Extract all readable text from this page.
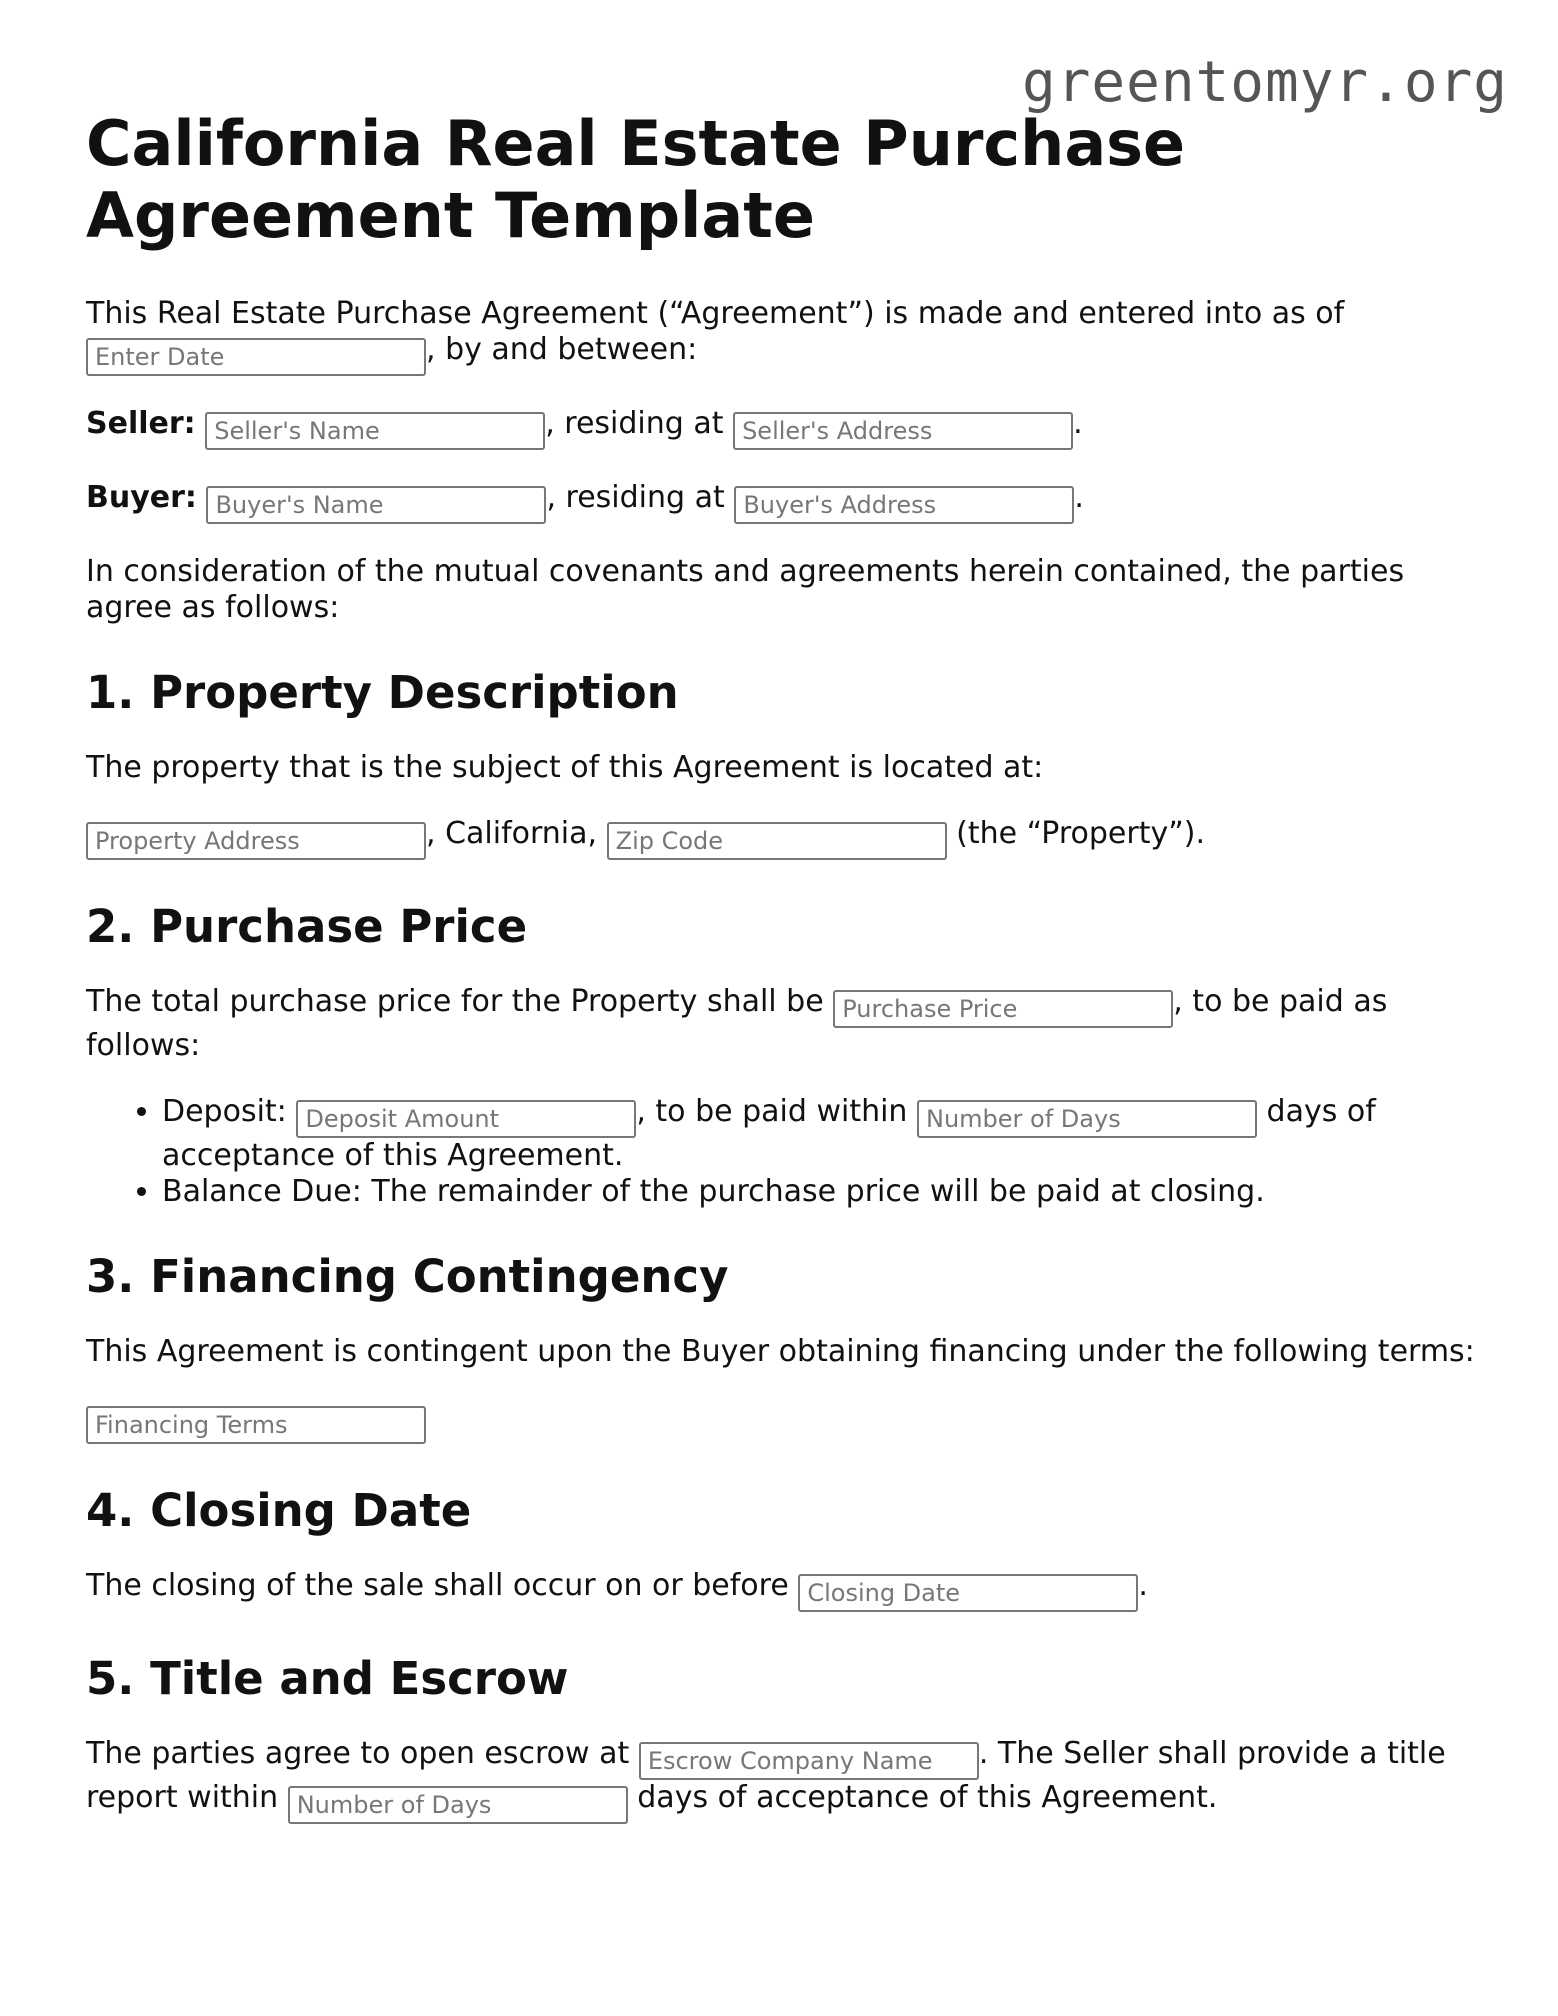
greentomyr.org
California Real Estate Purchase Agreement Template

This Real Estate Purchase Agreement (“Agreement”) is made and entered into as of Enter Date, by and between:

Seller: Seller's Name	, residing at Seller's Address	.

Buyer: Buyer's Name	, residing at Buyer's Address	.

In consideration of the mutual covenants and agreements herein contained, the parties agree as follows:

1. Property Description

The property that is the subject of this Agreement is located at:

Property Address, California, Zip Code	(the “Property”).

2. Purchase Price

The total purchase price for the Property shall be Purchase Price	, to be paid as follows:

• Deposit: Deposit Amount	, to be paid within Number of Days	days of acceptance of this Agreement.
• Balance Due: The remainder of the purchase price will be paid at closing.
3. Financing Contingency

This Agreement is contingent upon the Buyer obtaining financing under the following terms:

Financing Terms

4. Closing Date

The closing of the sale shall occur on or before Closing Date	.

5. Title and Escrow

The parties agree to open escrow at Escrow Company Name	. The Seller shall provide a title report within Number of Days	days of acceptance of this Agreement.
